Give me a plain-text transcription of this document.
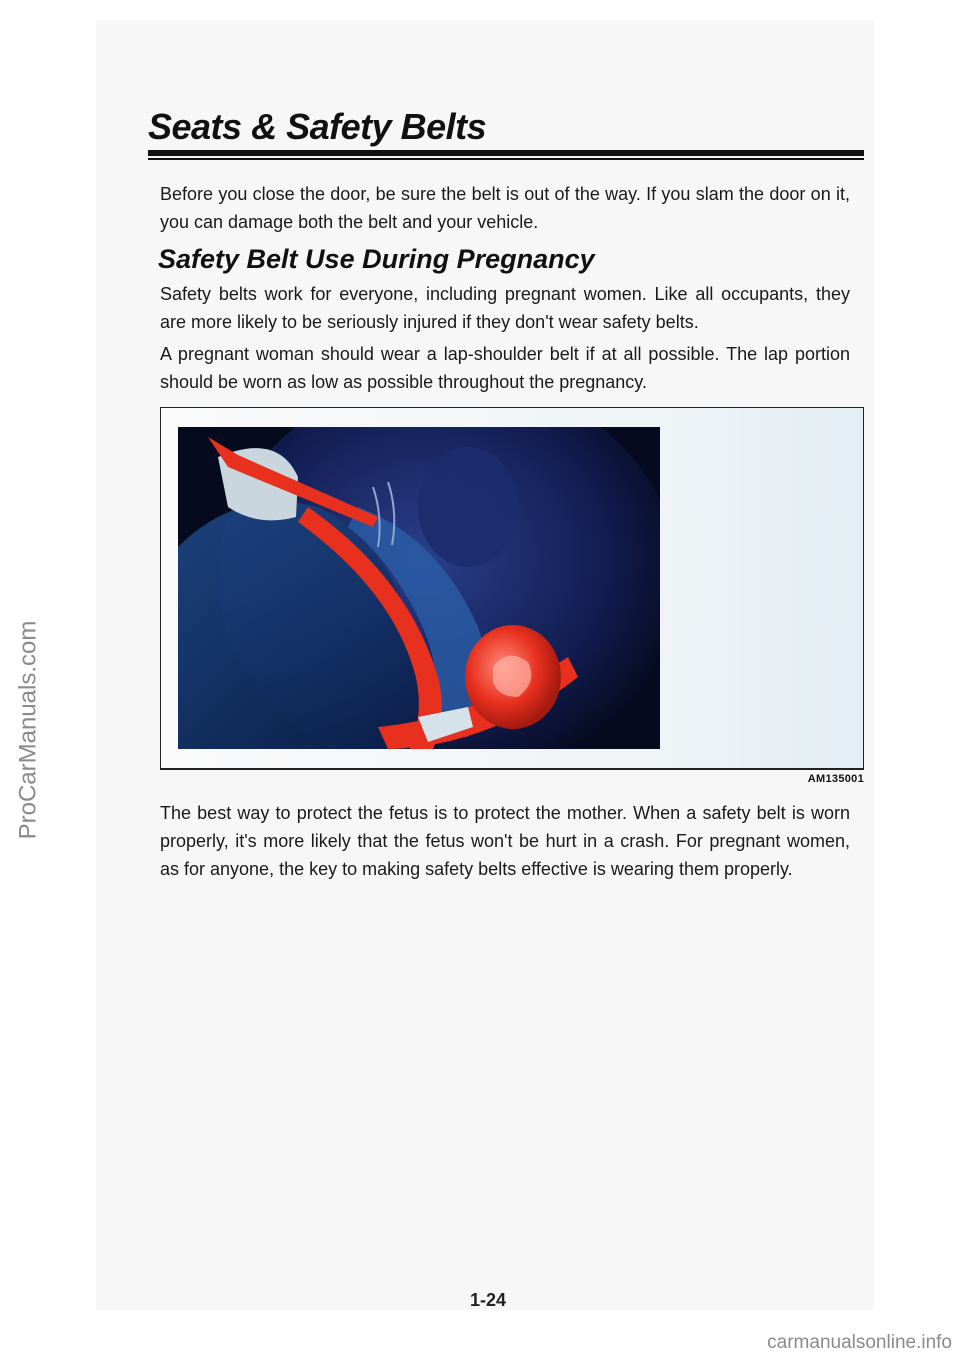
Seats & Safety Belts

Before you close the door, be sure the belt is out of the way. If you slam the door on it, you can damage both the belt and your vehicle.

Safety Belt Use During Pregnancy

Safety belts work for everyone, including pregnant women. Like all occupants, they are more likely to be seriously injured if they don't wear safety belts.

A pregnant woman should wear a lap-shoulder belt if at all possible. The lap portion should be worn as low as possible throughout the pregnancy.

AM135001

The best way to protect the fetus is to protect the mother. When a safety belt is worn properly, it's more likely that the fetus won't be hurt in a crash. For pregnant women, as for anyone, the key to making safety belts effective is wearing them properly.

1-24

ProCarManuals.com

carmanualsonline.info
